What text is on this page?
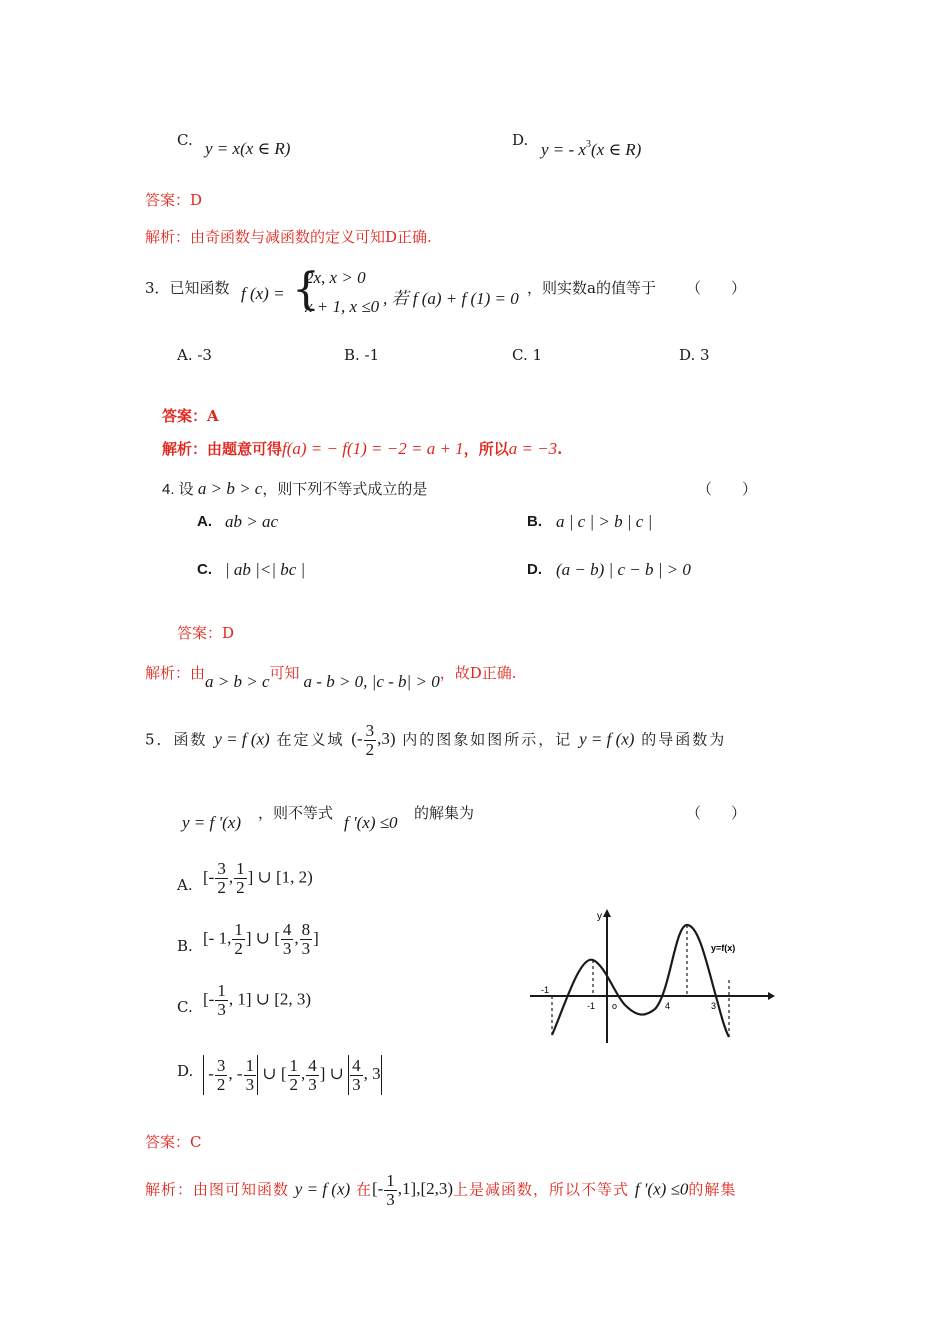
C. y = x(x ∈ R)	D. y = - $x^3(x$ ∈ R)
答案：D
解析：由奇函数与减函数的定义可知D正确.
3．已知函数 f (x) = {
2x, x > 0
x + 1, x ≤0 , 若 f (a) + f (1) = 0
，则实数a的值等于 （　　）
A. -3	B. -1	C. 1	D. 3
答案：A
解析：由题意可得f(a) = − f(1) = −2 = a + 1，所以a = −3.
4. 设 a > b > c，则下列不等式成立的是	（　　）
A. ab > ac	B. a | c | > b | c |
C. | ab |<| bc |	D. (a − b) | c − b | > 0
答案：D
解析：由a > b > c可知 a - b > 0, |c - b| > 0，故D正确.
5．函数 y = f (x) 在定义域 (- $\frac{3}{2} ,3$) 内的图象如图所示，记 y = f (x) 的导函数为
y = f '(x) ，则不等式 f '(x) ≤0 的解集为	（　　）
A. [- $\frac{3}{2}$ , $\frac{1}{2}$ ] ∪ [1, 2)
B. [- 1, $\frac{1}{2}$ ] ∪ [ $\frac{4}{3}$ , $\frac{8}{3}$ ]
C. [- $\frac{1}{3}$ , 1] ∪ [2, 3)
D. - $\frac{3}{2}$ , - $\frac{1}{3}$ ∪ [ $\frac{1}{2}$ , $\frac{4}{3}$ ] ∪ $\frac{4}{3}$ , 3
y
o
-1
-1	4	3
y=f(x)
答案：C
解析：由图可知函数 y = f (x) 在[- $\frac{1}{3} ,1],[2,3)$上是减函数，所以不等式 f '(x) ≤0的解集
